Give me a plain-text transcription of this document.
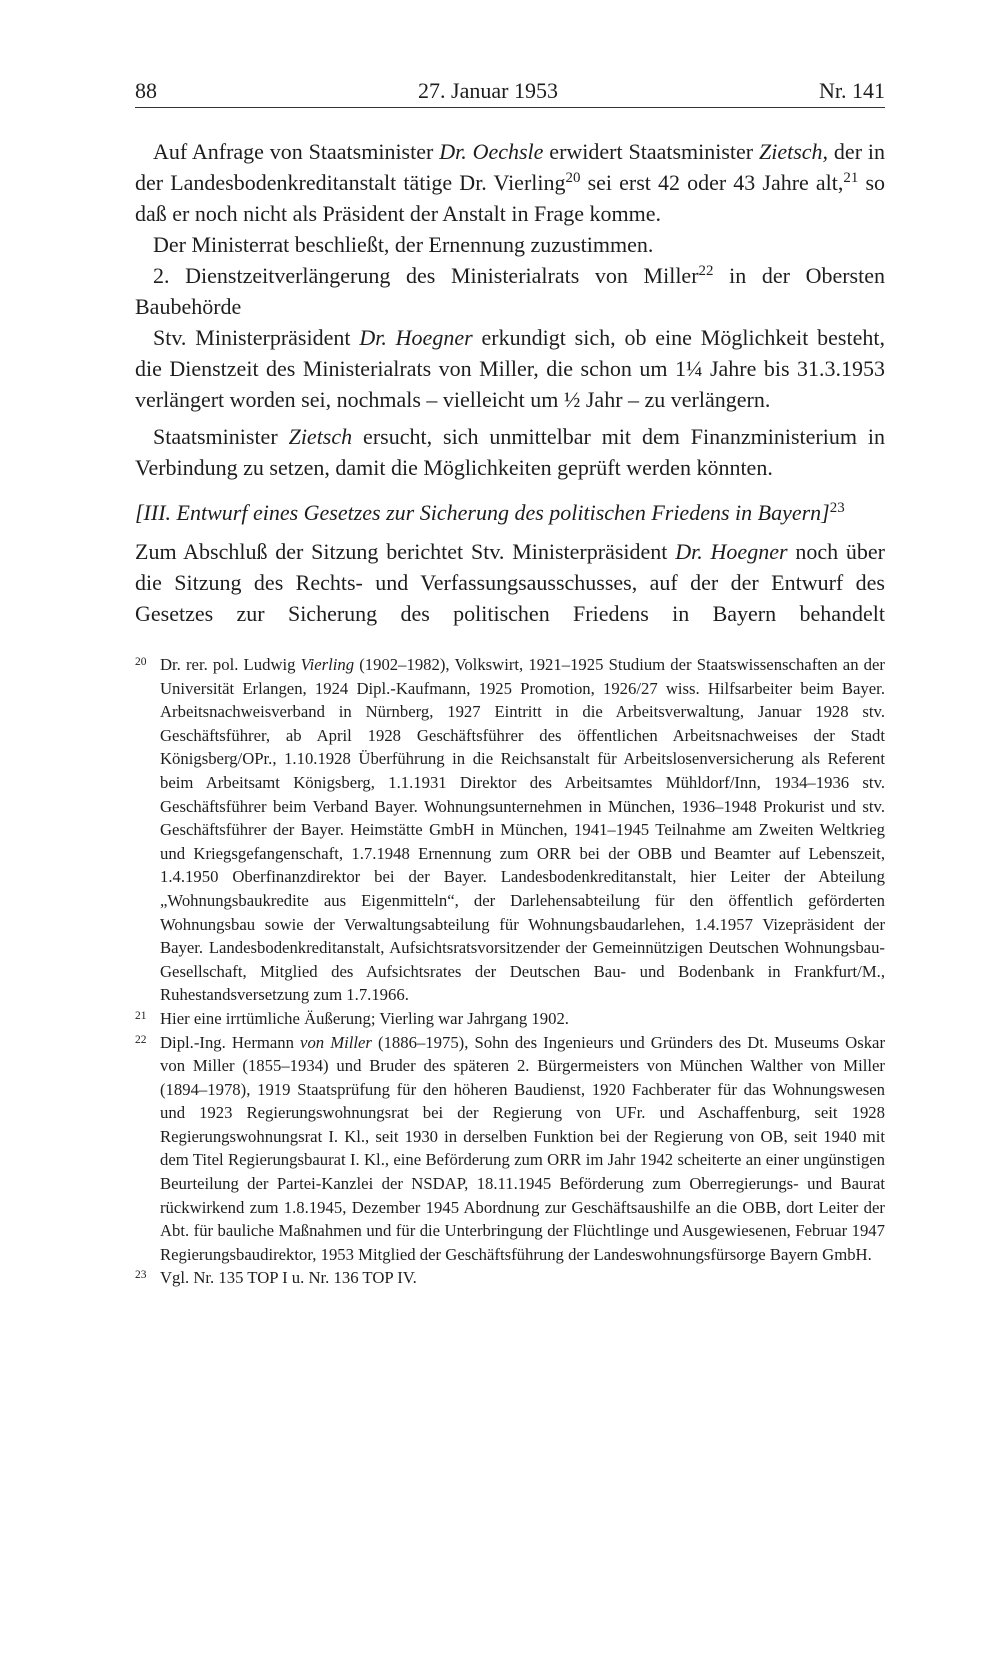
88	27. Januar 1953	Nr. 141

Auf Anfrage von Staatsminister Dr. Oechsle erwidert Staatsminister Zietsch, der in der Landesbodenkreditanstalt tätige Dr. Vierling$^{20}$ sei erst 42 oder 43 Jahre alt,$^{21}$ so daß er noch nicht als Präsident der Anstalt in Frage komme.

Der Ministerrat beschließt, der Ernennung zuzustimmen.

2. Dienstzeitverlängerung des Ministerialrats von Miller$^{22}$ in der Obersten Baubehörde

Stv. Ministerpräsident Dr. Hoegner erkundigt sich, ob eine Möglichkeit besteht, die Dienstzeit des Ministerialrats von Miller, die schon um 1¼ Jahre bis 31.3.1953 verlängert worden sei, nochmals – vielleicht um ½ Jahr – zu verlängern.

Staatsminister Zietsch ersucht, sich unmittelbar mit dem Finanzministerium in Verbindung zu setzen, damit die Möglichkeiten geprüft werden könnten.

[III. Entwurf eines Gesetzes zur Sicherung des politischen Friedens in Bayern]$^{23}$

Zum Abschluß der Sitzung berichtet Stv. Ministerpräsident Dr. Hoegner noch über die Sitzung des Rechts- und Verfassungsausschusses, auf der der Entwurf des Gesetzes zur Sicherung des politischen Friedens in Bayern behandelt

20 Dr. rer. pol. Ludwig Vierling (1902–1982), Volkswirt, 1921–1925 Studium der Staatswissenschaften an der Universität Erlangen, 1924 Dipl.-Kaufmann, 1925 Promotion, 1926/27 wiss. Hilfsarbeiter beim Bayer. Arbeitsnachweisverband in Nürnberg, 1927 Eintritt in die Arbeitsverwaltung, Januar 1928 stv. Geschäftsführer, ab April 1928 Geschäftsführer des öffentlichen Arbeitsnachweises der Stadt Königsberg/OPr., 1.10.1928 Überführung in die Reichsanstalt für Arbeitslosenversicherung als Referent beim Arbeitsamt Königsberg, 1.1.1931 Direktor des Arbeitsamtes Mühldorf/Inn, 1934–1936 stv. Geschäftsführer beim Verband Bayer. Wohnungsunternehmen in München, 1936–1948 Prokurist und stv. Geschäftsführer der Bayer. Heimstätte GmbH in München, 1941–1945 Teilnahme am Zweiten Weltkrieg und Kriegsgefangenschaft, 1.7.1948 Ernennung zum ORR bei der OBB und Beamter auf Lebenszeit, 1.4.1950 Oberfinanzdirektor bei der Bayer. Landesbodenkreditanstalt, hier Leiter der Abteilung „Wohnungsbaukredite aus Eigenmitteln“, der Darlehensabteilung für den öffentlich geförderten Wohnungsbau sowie der Verwaltungsabteilung für Wohnungsbaudarlehen, 1.4.1957 Vizepräsident der Bayer. Landesbodenkreditanstalt, Aufsichtsratsvorsitzender der Gemeinnützigen Deutschen Wohnungsbau-Gesellschaft, Mitglied des Aufsichtsrates der Deutschen Bau- und Bodenbank in Frankfurt/M., Ruhestandsversetzung zum 1.7.1966.
21 Hier eine irrtümliche Äußerung; Vierling war Jahrgang 1902.
22 Dipl.-Ing. Hermann von Miller (1886–1975), Sohn des Ingenieurs und Gründers des Dt. Museums Oskar von Miller (1855–1934) und Bruder des späteren 2. Bürgermeisters von München Walther von Miller (1894–1978), 1919 Staatsprüfung für den höheren Baudienst, 1920 Fachberater für das Wohnungswesen und 1923 Regierungswohnungsrat bei der Regierung von UFr. und Aschaffenburg, seit 1928 Regierungswohnungsrat I. Kl., seit 1930 in derselben Funktion bei der Regierung von OB, seit 1940 mit dem Titel Regierungsbaurat I. Kl., eine Beförderung zum ORR im Jahr 1942 scheiterte an einer ungünstigen Beurteilung der Partei-Kanzlei der NSDAP, 18.11.1945 Beförderung zum Oberregierungs- und Baurat rückwirkend zum 1.8.1945, Dezember 1945 Abordnung zur Geschäftsaushilfe an die OBB, dort Leiter der Abt. für bauliche Maßnahmen und für die Unterbringung der Flüchtlinge und Ausgewiesenen, Februar 1947 Regierungsbaudirektor, 1953 Mitglied der Geschäftsführung der Landeswohnungsfürsorge Bayern GmbH.
23 Vgl. Nr. 135 TOP I u. Nr. 136 TOP IV.
